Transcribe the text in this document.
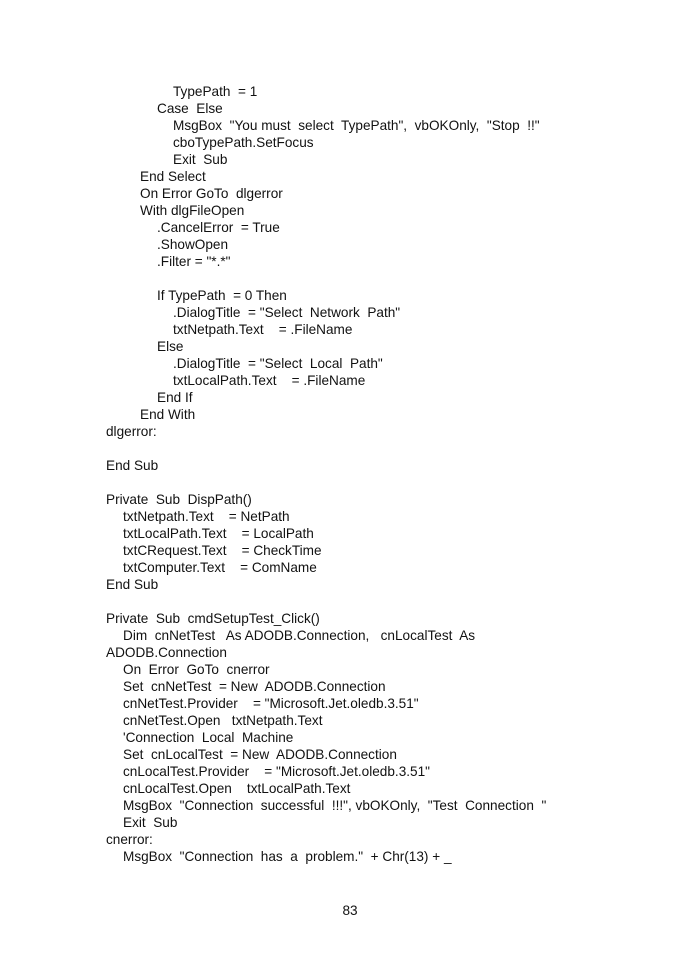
TypePath  = 1
Case  Else
MsgBox  "You must  select  TypePath",  vbOKOnly,  "Stop  !!"
cboTypePath.SetFocus
Exit  Sub
End Select
On Error GoTo  dlgerror
With dlgFileOpen
.CancelError  = True
.ShowOpen
.Filter = "*.*"
If TypePath  = 0 Then
.DialogTitle  = "Select  Network  Path"
txtNetpath.Text    = .FileName
Else
.DialogTitle  = "Select  Local  Path"
txtLocalPath.Text    = .FileName
End If
End With
dlgerror:
End Sub
Private  Sub  DispPath()
txtNetpath.Text    = NetPath
txtLocalPath.Text    = LocalPath
txtCRequest.Text    = CheckTime
txtComputer.Text    = ComName
End Sub
Private  Sub  cmdSetupTest_Click()
Dim  cnNetTest   As ADODB.Connection,   cnLocalTest  As
ADODB.Connection
On  Error  GoTo  cnerror
Set  cnNetTest  = New  ADODB.Connection
cnNetTest.Provider    = "Microsoft.Jet.oledb.3.51"
cnNetTest.Open   txtNetpath.Text
'Connection  Local  Machine
Set  cnLocalTest  = New  ADODB.Connection
cnLocalTest.Provider    = "Microsoft.Jet.oledb.3.51"
cnLocalTest.Open    txtLocalPath.Text
MsgBox  "Connection  successful  !!!", vbOKOnly,  "Test  Connection  "
Exit  Sub
cnerror:
MsgBox  "Connection  has  a  problem."  + Chr(13) + _
83
